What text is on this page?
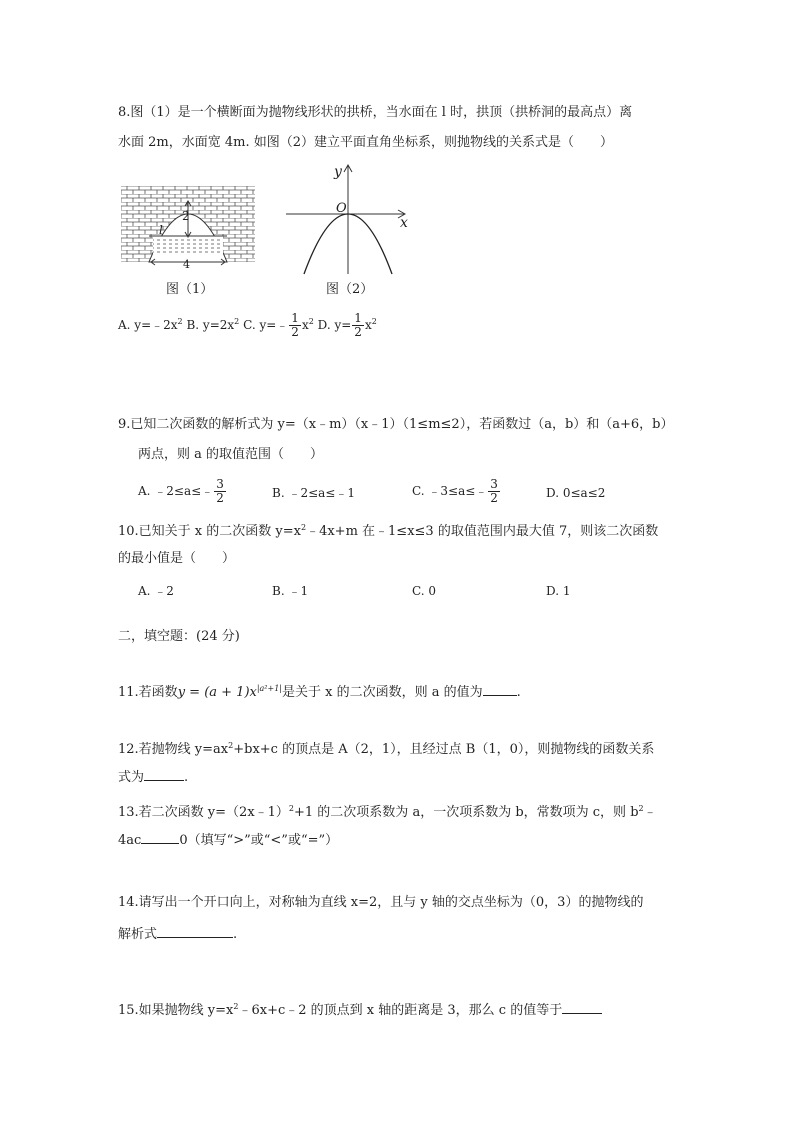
8.图（1）是一个横断面为抛物线形状的拱桥，当水面在 l 时，拱顶（拱桥洞的最高点）离
水面 2m，水面宽 4m. 如图（2）建立平面直角坐标系，则抛物线的关系式是（　　）
2
l
4
图（1）
y
x
O
图（2）
A. $y=﹣2x^2$ B. $y=2x^2$ C. y=﹣ $\frac{1}{2} x^2$ D. $y= \frac{1}{2} x^2$
9.已知二次函数的解析式为 y=（x﹣m）（x﹣1）（1≤m≤2），若函数过（a，b）和（a+6，b）
两点，则 a 的取值范围（　　）
A. ﹣2≤a≤﹣ $\frac{3}{2}$	B. ﹣2≤a≤﹣1	C. ﹣3≤a≤﹣ $\frac{3}{2}$	D. 0≤a≤2
10.已知关于 x 的二次函数 $y=x^2﹣4x+m$ 在﹣1≤x≤3 的取值范围内最大值 7，则该二次函数
的最小值是（　　）
A. ﹣2	B. ﹣1	C. 0	D. 1
二，填空题：(24 分)
11.若函数$y = (a + 1)x^{|a^2+1|}$是关于 x 的二次函数，则 a 的值为	.
12.若抛物线 $y=ax^2+bx+c$ 的顶点是 A（2，1），且经过点 B（1，0），则抛物线的函数关系
式为	.
13.若二次函数 y=（2x﹣1）$^2$+1 的二次项系数为 a，一次项系数为 b，常数项为 c，则 $b^2﹣$
4ac	0（填写“>”或“<”或“=”）
14.请写出一个开口向上，对称轴为直线 x=2，且与 y 轴的交点坐标为（0，3）的抛物线的
解析式	.
15.如果抛物线 $y=x^2﹣6x+c﹣2$ 的顶点到 x 轴的距离是 3，那么 c 的值等于
